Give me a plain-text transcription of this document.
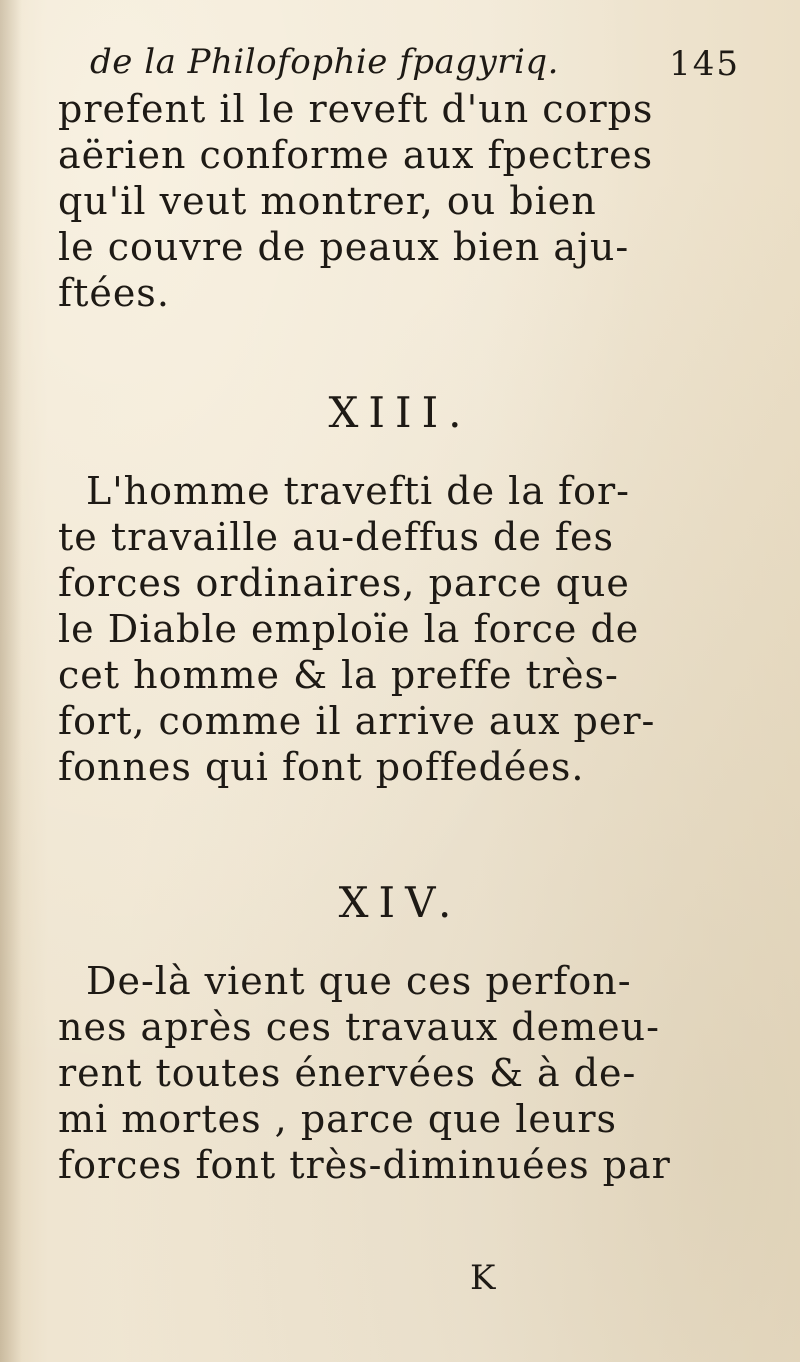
de la Philofophie fpagyriq.	145
prefent il le reveft d'un corps
aërien conforme aux fpectres
qu'il veut montrer, ou bien
le couvre de peaux bien aju-
ftées.
XIII.
L'homme travefti de la for-
te travaille au-deffus de fes
forces ordinaires, parce que
le Diable emploïe la force de
cet homme & la preffe très-
fort, comme il arrive aux per-
fonnes qui font poffedées.
XIV.
De-là vient que ces perfon-
nes après ces travaux demeu-
rent toutes énervées & à de-
mi mortes , parce que leurs
forces font très-diminuées par
K
